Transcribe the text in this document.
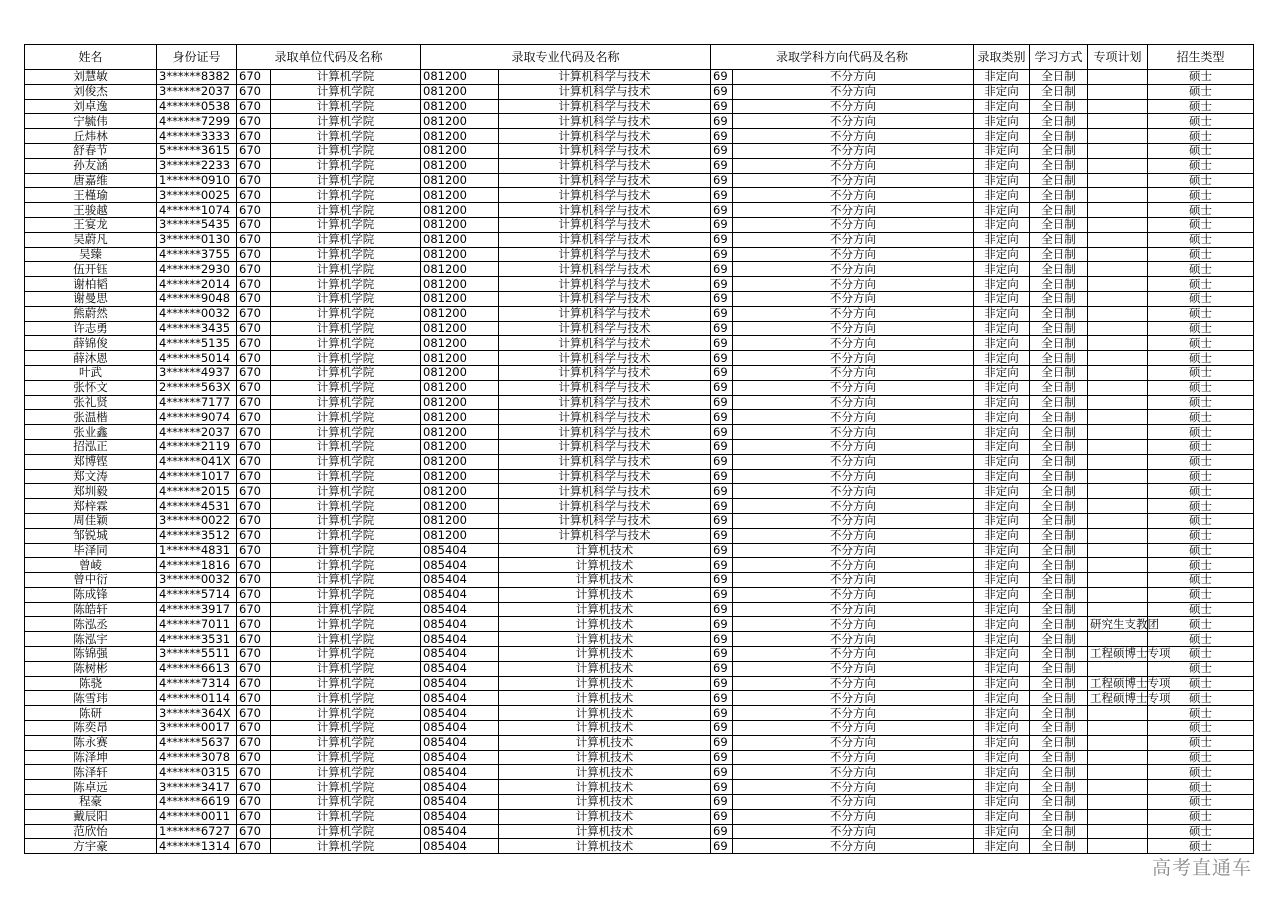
姓名	身份证号	录取单位代码及名称		录取专业代码及名称		录取学科方向代码及名称		录取类别	学习方式	专项计划	招生类型
刘慧敏	3******8382	670	计算机学院	081200	计算机科学与技术	69	不分方向	非定向	全日制		硕士
刘俊杰	3******2037	670	计算机学院	081200	计算机科学与技术	69	不分方向	非定向	全日制		硕士
刘卓逸	4******0538	670	计算机学院	081200	计算机科学与技术	69	不分方向	非定向	全日制		硕士
宁毓伟	4******7299	670	计算机学院	081200	计算机科学与技术	69	不分方向	非定向	全日制		硕士
丘炜林	4******3333	670	计算机学院	081200	计算机科学与技术	69	不分方向	非定向	全日制		硕士
舒春节	5******3615	670	计算机学院	081200	计算机科学与技术	69	不分方向	非定向	全日制		硕士
孙友涵	3******2233	670	计算机学院	081200	计算机科学与技术	69	不分方向	非定向	全日制		硕士
唐嘉维	1******0910	670	计算机学院	081200	计算机科学与技术	69	不分方向	非定向	全日制		硕士
王槿瑜	3******0025	670	计算机学院	081200	计算机科学与技术	69	不分方向	非定向	全日制		硕士
王骏越	4******1074	670	计算机学院	081200	计算机科学与技术	69	不分方向	非定向	全日制		硕士
王宴龙	3******5435	670	计算机学院	081200	计算机科学与技术	69	不分方向	非定向	全日制		硕士
吴蔚凡	3******0130	670	计算机学院	081200	计算机科学与技术	69	不分方向	非定向	全日制		硕士
吴臻	4******3755	670	计算机学院	081200	计算机科学与技术	69	不分方向	非定向	全日制		硕士
伍开钰	4******2930	670	计算机学院	081200	计算机科学与技术	69	不分方向	非定向	全日制		硕士
谢柏韬	4******2014	670	计算机学院	081200	计算机科学与技术	69	不分方向	非定向	全日制		硕士
谢曼思	4******9048	670	计算机学院	081200	计算机科学与技术	69	不分方向	非定向	全日制		硕士
熊蔚然	4******0032	670	计算机学院	081200	计算机科学与技术	69	不分方向	非定向	全日制		硕士
许志勇	4******3435	670	计算机学院	081200	计算机科学与技术	69	不分方向	非定向	全日制		硕士
薛锦俊	4******5135	670	计算机学院	081200	计算机科学与技术	69	不分方向	非定向	全日制		硕士
薛沐恩	4******5014	670	计算机学院	081200	计算机科学与技术	69	不分方向	非定向	全日制		硕士
叶武	3******4937	670	计算机学院	081200	计算机科学与技术	69	不分方向	非定向	全日制		硕士
张怀文	2******563X	670	计算机学院	081200	计算机科学与技术	69	不分方向	非定向	全日制		硕士
张礼贤	4******7177	670	计算机学院	081200	计算机科学与技术	69	不分方向	非定向	全日制		硕士
张温楷	4******9074	670	计算机学院	081200	计算机科学与技术	69	不分方向	非定向	全日制		硕士
张业鑫	4******2037	670	计算机学院	081200	计算机科学与技术	69	不分方向	非定向	全日制		硕士
招泓正	4******2119	670	计算机学院	081200	计算机科学与技术	69	不分方向	非定向	全日制		硕士
郑博铿	4******041X	670	计算机学院	081200	计算机科学与技术	69	不分方向	非定向	全日制		硕士
郑文涛	4******1017	670	计算机学院	081200	计算机科学与技术	69	不分方向	非定向	全日制		硕士
郑圳毅	4******2015	670	计算机学院	081200	计算机科学与技术	69	不分方向	非定向	全日制		硕士
郑梓霖	4******4531	670	计算机学院	081200	计算机科学与技术	69	不分方向	非定向	全日制		硕士
周佳颖	3******0022	670	计算机学院	081200	计算机科学与技术	69	不分方向	非定向	全日制		硕士
邹锐城	4******3512	670	计算机学院	081200	计算机科学与技术	69	不分方向	非定向	全日制		硕士
毕泽同	1******4831	670	计算机学院	085404	计算机技术	69	不分方向	非定向	全日制		硕士
曾崚	4******1816	670	计算机学院	085404	计算机技术	69	不分方向	非定向	全日制		硕士
曾中衍	3******0032	670	计算机学院	085404	计算机技术	69	不分方向	非定向	全日制		硕士
陈成锋	4******5714	670	计算机学院	085404	计算机技术	69	不分方向	非定向	全日制		硕士
陈皓轩	4******3917	670	计算机学院	085404	计算机技术	69	不分方向	非定向	全日制		硕士
陈泓丞	4******7011	670	计算机学院	085404	计算机技术	69	不分方向	非定向	全日制	研究生支教团	硕士
陈泓宇	4******3531	670	计算机学院	085404	计算机技术	69	不分方向	非定向	全日制		硕士
陈锦强	3******5511	670	计算机学院	085404	计算机技术	69	不分方向	非定向	全日制	工程硕博士专项	硕士
陈树彬	4******6613	670	计算机学院	085404	计算机技术	69	不分方向	非定向	全日制		硕士
陈骁	4******7314	670	计算机学院	085404	计算机技术	69	不分方向	非定向	全日制	工程硕博士专项	硕士
陈雪玮	4******0114	670	计算机学院	085404	计算机技术	69	不分方向	非定向	全日制	工程硕博士专项	硕士
陈研	3******364X	670	计算机学院	085404	计算机技术	69	不分方向	非定向	全日制		硕士
陈奕昂	3******0017	670	计算机学院	085404	计算机技术	69	不分方向	非定向	全日制		硕士
陈永赛	4******5637	670	计算机学院	085404	计算机技术	69	不分方向	非定向	全日制		硕士
陈泽坤	4******3078	670	计算机学院	085404	计算机技术	69	不分方向	非定向	全日制		硕士
陈泽轩	4******0315	670	计算机学院	085404	计算机技术	69	不分方向	非定向	全日制		硕士
陈卓远	3******3417	670	计算机学院	085404	计算机技术	69	不分方向	非定向	全日制		硕士
程豪	4******6619	670	计算机学院	085404	计算机技术	69	不分方向	非定向	全日制		硕士
戴辰阳	4******0011	670	计算机学院	085404	计算机技术	69	不分方向	非定向	全日制		硕士
范欣怡	1******6727	670	计算机学院	085404	计算机技术	69	不分方向	非定向	全日制		硕士
方宇豪	4******1314	670	计算机学院	085404	计算机技术	69	不分方向	非定向	全日制		硕士
高考直通车
